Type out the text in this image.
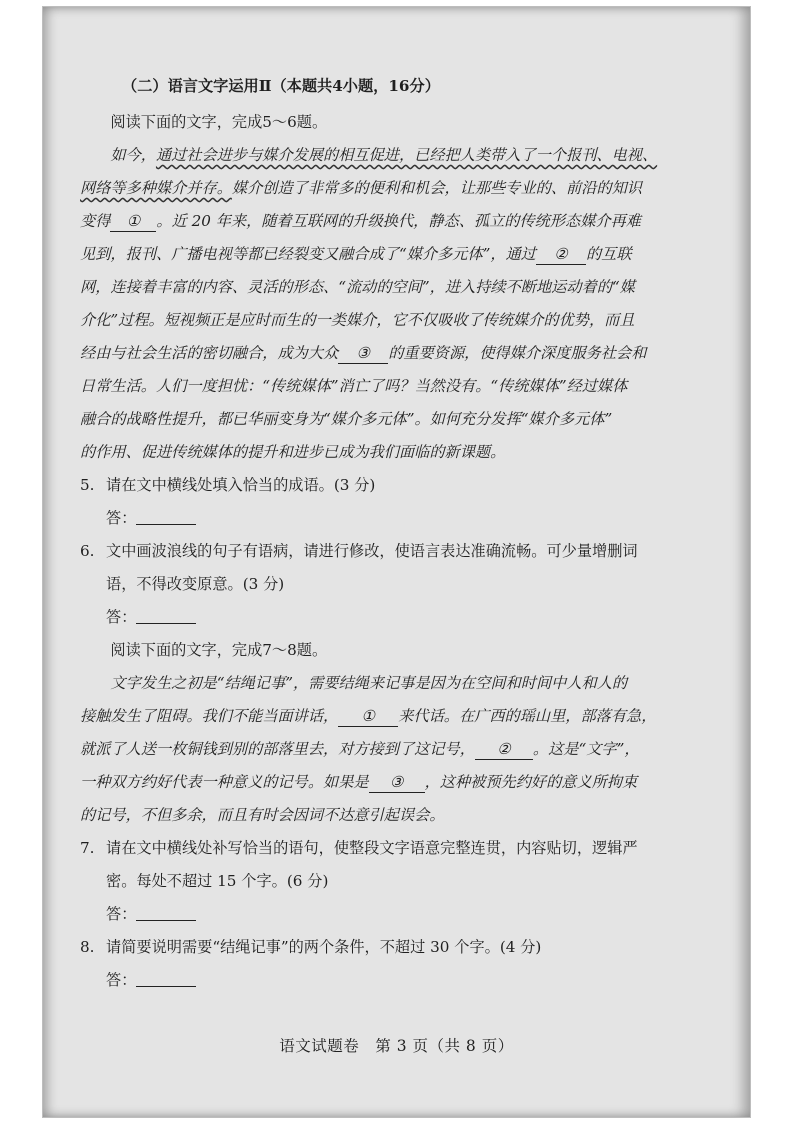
（二）语言文字运用Ⅱ（本题共4小题，16分）

阅读下面的文字，完成5～6题。

如今，通过社会进步与媒介发展的相互促进，已经把人类带入了一个报刊、电视、

网络等多种媒介并存。媒介创造了非常多的便利和机会，让那些专业的、前沿的知识

变得 ① 。近 20 年来，随着互联网的升级换代，静态、孤立的传统形态媒介再难

见到，报刊、广播电视等都已经裂变又融合成了“媒介多元体”，通过 ② 的互联

网，连接着丰富的内容、灵活的形态、“流动的空间”，进入持续不断地运动着的“媒

介化”过程。短视频正是应时而生的一类媒介，它不仅吸收了传统媒介的优势，而且

经由与社会生活的密切融合，成为大众 ③ 的重要资源，使得媒介深度服务社会和

日常生活。人们一度担忧：“传统媒体”消亡了吗？当然没有。“传统媒体”经过媒体

融合的战略性提升，都已华丽变身为“媒介多元体”。如何充分发挥“媒介多元体”

的作用、促进传统媒体的提升和进步已成为我们面临的新课题。

5. 请在文中横线处填入恰当的成语。(3 分)

答：

6. 文中画波浪线的句子有语病，请进行修改，使语言表达准确流畅。可少量增删词

语，不得改变原意。(3 分)

答：

阅读下面的文字，完成7～8题。

文字发生之初是“结绳记事”，需要结绳来记事是因为在空间和时间中人和人的

接触发生了阻碍。我们不能当面讲话， ① 来代话。在广西的瑶山里，部落有急，

就派了人送一枚铜钱到别的部落里去，对方接到了这记号， ② 。这是“文字”，

一种双方约好代表一种意义的记号。如果是 ③ ，这种被预先约好的意义所拘束

的记号，不但多余，而且有时会因词不达意引起误会。

7. 请在文中横线处补写恰当的语句，使整段文字语意完整连贯，内容贴切，逻辑严

密。每处不超过 15 个字。(6 分)

答：

8. 请简要说明需要“结绳记事”的两个条件，不超过 30 个字。(4 分)

答：

语文试题卷　第 3 页（共 8 页）
